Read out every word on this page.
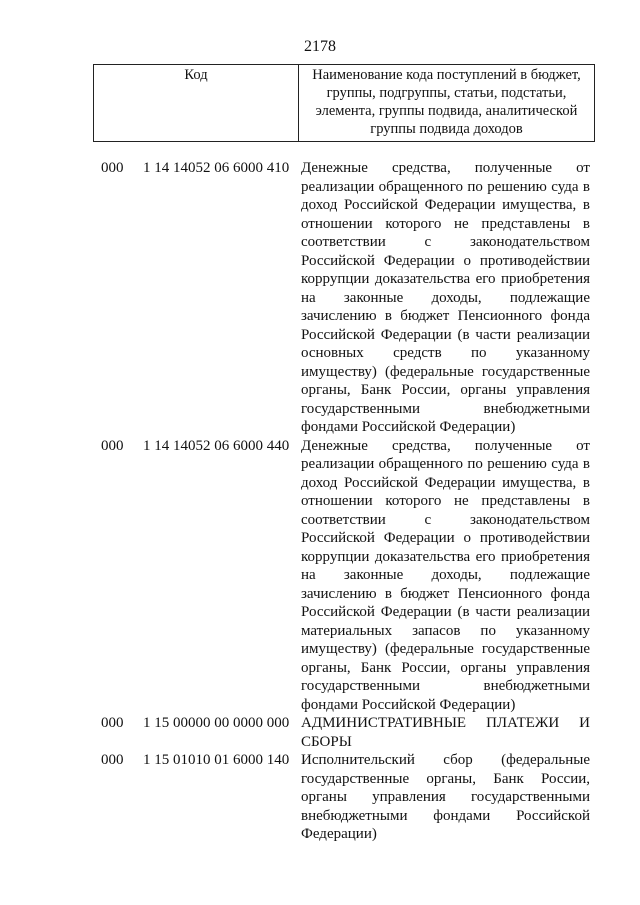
2178
Код	Наименование кода поступлений в бюджет, группы, подгруппы, статьи, подстатьи, элемента, группы подвида, аналитической группы подвида доходов
000	1 14 14052 06 6000 410 Денежные средства, полученные от реализации обращенного по решению суда в доход Российской Федерации имущества, в отношении которого не представлены в соответствии с законодательством Российской Федерации о противодействии коррупции доказательства его приобретения на законные доходы, подлежащие зачислению в бюджет Пенсионного фонда Российской Федерации (в части реализации основных средств по указанному имуществу) (федеральные государственные органы, Банк России, органы управления государственными внебюджетными фондами Российской Федерации)
000	1 14 14052 06 6000 440 Денежные средства, полученные от реализации обращенного по решению суда в доход Российской Федерации имущества, в отношении которого не представлены в соответствии с законодательством Российской Федерации о противодействии коррупции доказательства его приобретения на законные доходы, подлежащие зачислению в бюджет Пенсионного фонда Российской Федерации (в части реализации материальных запасов по указанному имуществу) (федеральные государственные органы, Банк России, органы управления государственными внебюджетными фондами Российской Федерации)
000	1 15 00000 00 0000 000 АДМИНИСТРАТИВНЫЕ ПЛАТЕЖИ И СБОРЫ
000	1 15 01010 01 6000 140 Исполнительский сбор (федеральные государственные органы, Банк России, органы управления государственными внебюджетными фондами Российской Федерации)
